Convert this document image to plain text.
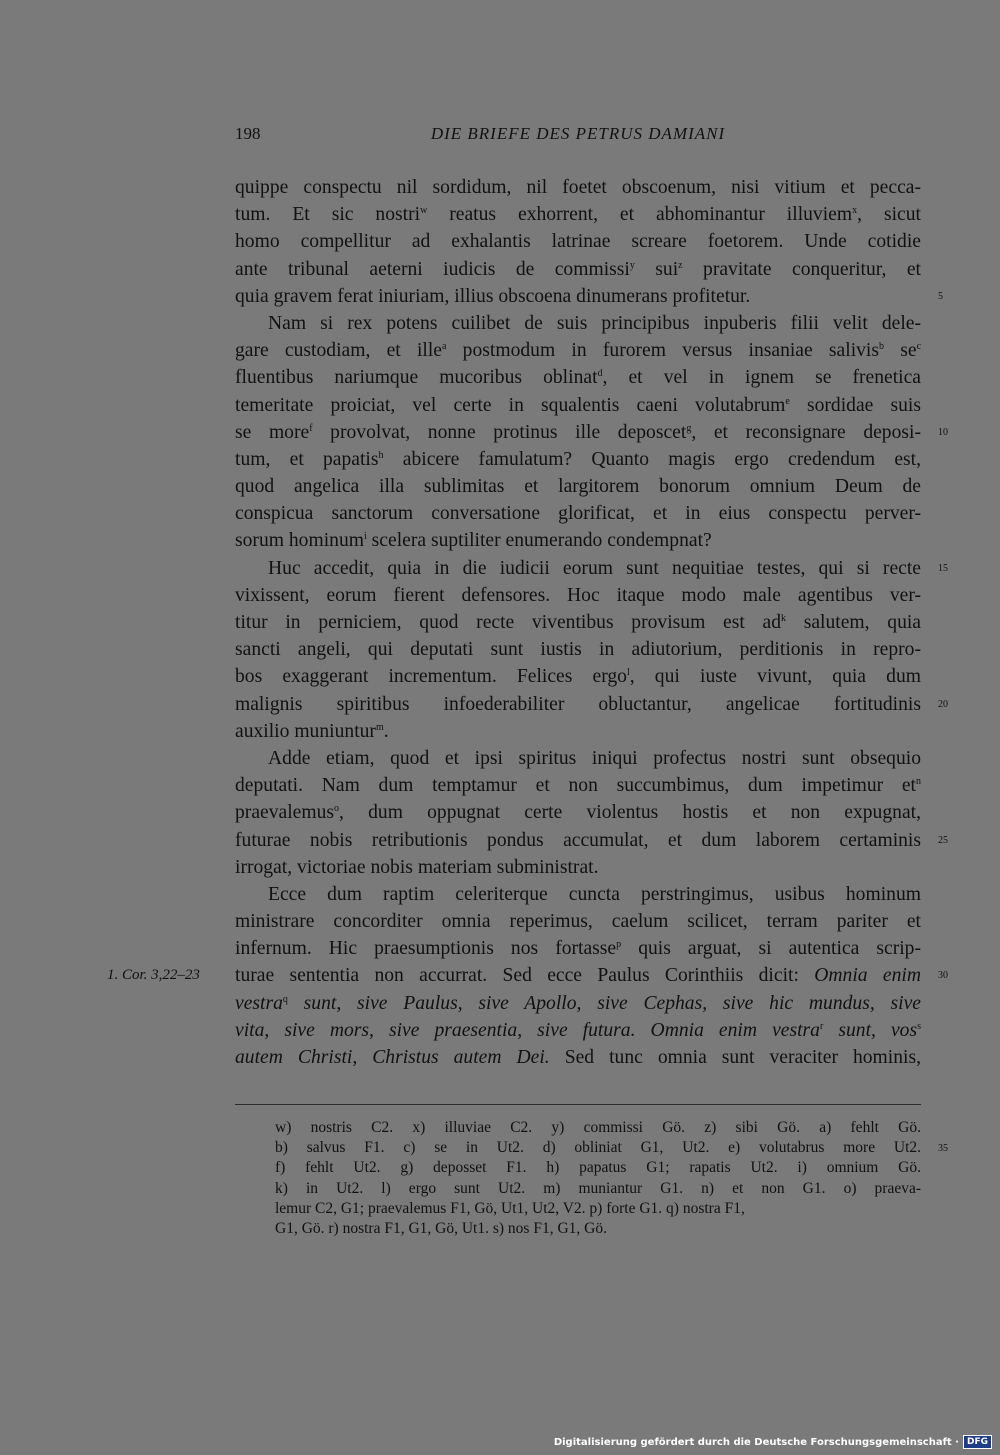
198	DIE BRIEFE DES PETRUS DAMIANI
quippe conspectu nil sordidum, nil foetet obscoenum, nisi vitium et pecca-
tum. Et sic nostri$^w$ reatus exhorrent, et abhominantur illuviem$^x$, sicut
homo compellitur ad exhalantis latrinae screare foetorem. Unde cotidie
ante tribunal aeterni iudicis de commissi$^y$ sui$^z$ pravitate conqueritur, et
quia gravem ferat iniuriam, illius obscoena dinumerans profitetur.	5
Nam si rex potens cuilibet de suis principibus inpuberis filii velit dele-
gare custodiam, et ille$^a$ postmodum in furorem versus insaniae salivis$^b$ $se^c$
fluentibus nariumque mucoribus oblinat$^d$, et vel in ignem se frenetica
temeritate proiciat, vel certe in squalentis caeni volutabrum$^e$ sordidae suis
se more$^f$ provolvat, nonne protinus ille deposcet$^g$, et reconsignare deposi- 10
tum, et papatis$^h$ abicere famulatum? Quanto magis ergo credendum est,
quod angelica illa sublimitas et largitorem bonorum omnium Deum de
conspicua sanctorum conversatione glorificat, et in eius conspectu perver-
sorum hominum$^i$ scelera suptiliter enumerando condempnat?
Huc accedit, quia in die iudicii eorum sunt nequitiae testes, qui si recte 15
vixissent, eorum fierent defensores. Hoc itaque modo male agentibus ver-
titur in perniciem, quod recte viventibus provisum est $ad^k$ salutem, quia
sancti angeli, qui deputati sunt iustis in adiutorium, perditionis in repro-
bos exaggerant incrementum. Felices ergo$^l$, qui iuste vivunt, quia dum
malignis spiritibus infoederabiliter obluctantur, angelicae fortitudinis 20
auxilio muniuntur$^m$.
Adde etiam, quod et ipsi spiritus iniqui profectus nostri sunt obsequio
deputati. Nam dum temptamur et non succumbimus, dum impetimur $et^n$
praevalemus$^o$, dum oppugnat certe violentus hostis et non expugnat,
futurae nobis retributionis pondus accumulat, et dum laborem certaminis 25
irrogat, victoriae nobis materiam subministrat.
Ecce dum raptim celeriterque cuncta perstringimus, usibus hominum
ministrare concorditer omnia reperimus, caelum scilicet, terram pariter et
infernum. Hic praesumptionis nos fortasse$^p$ quis arguat, si autentica scrip-
1. Cor. 3,22–23 turae sententia non accurrat. Sed ecce Paulus Corinthiis dicit: Omnia enim 30
vestra$^q$ sunt, sive Paulus, sive Apollo, sive Cephas, sive hic mundus, sive
vita, sive mors, sive praesentia, sive futura. Omnia enim vestra$^r$ sunt, vos$^s$
autem Christi, Christus autem Dei. Sed tunc omnia sunt veraciter hominis,
w) nostris C2. x) illuviae C2. y) commissi Gö. z) sibi Gö. a) fehlt Gö.
b) salvus F1. c) se in Ut2. d) obliniat G1, Ut2. e) volutabrus more Ut2. 35
f) fehlt Ut2. g) deposset F1. h) papatus G1; rapatis Ut2. i) omnium Gö.
k) in Ut2. l) ergo sunt Ut2. m) muniantur G1. n) et non G1. o) praeva-
lemur C2, G1; praevalemus F1, Gö, Ut1, Ut2, V2. p) forte G1. q) nostra F1,
G1, Gö. r) nostra F1, G1, Gö, Ut1. s) nos F1, G1, Gö.
Digitalisierung gefördert durch die Deutsche Forschungsgemeinschaft · DFG
